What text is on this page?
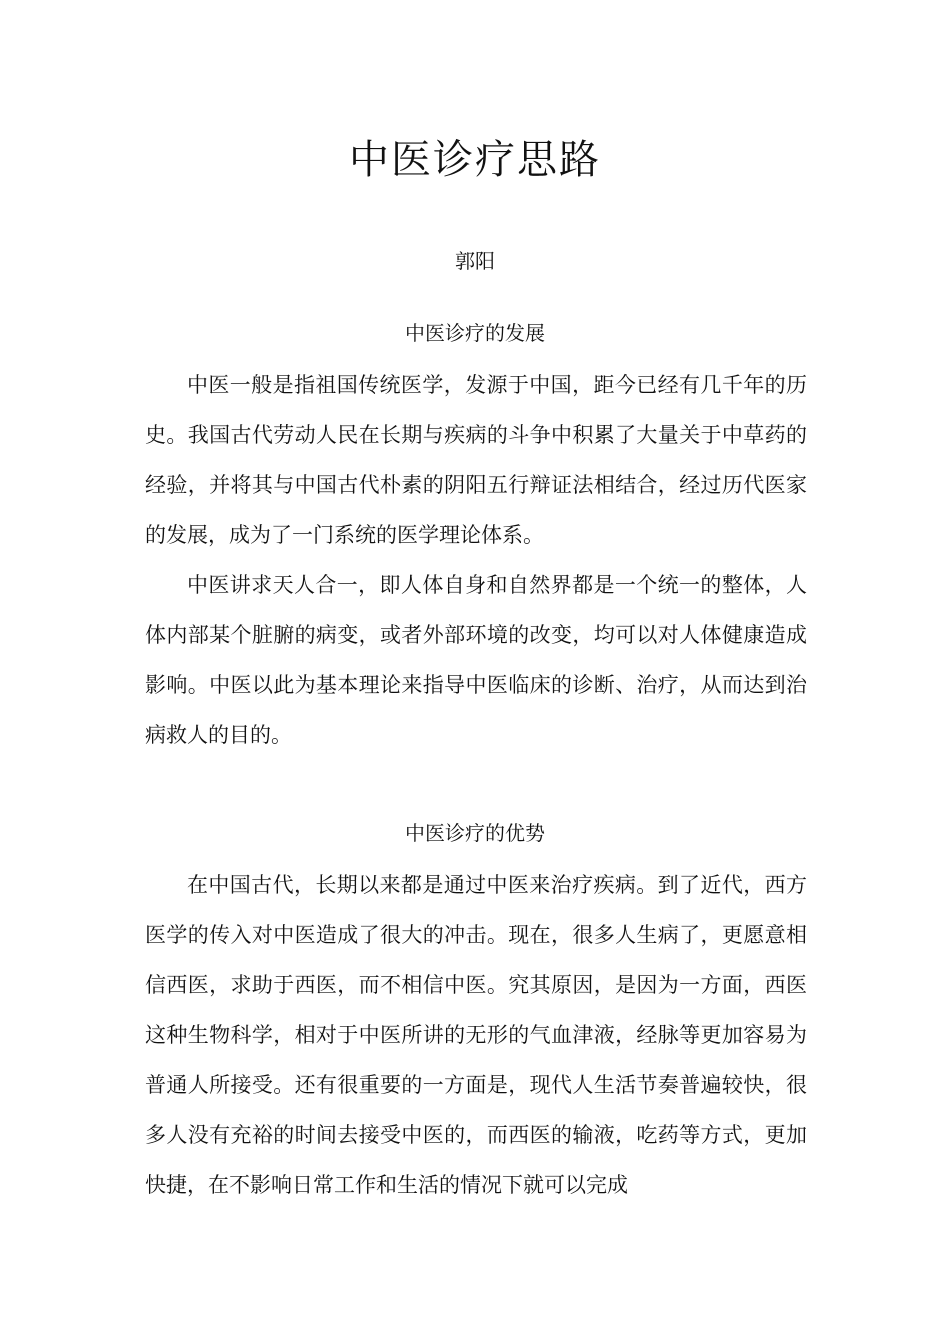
中医诊疗思路
郭阳
中医诊疗的发展

中医一般是指祖国传统医学，发源于中国，距今已经有几千年的历史。我国古代劳动人民在长期与疾病的斗争中积累了大量关于中草药的经验，并将其与中国古代朴素的阴阳五行辩证法相结合，经过历代医家的发展，成为了一门系统的医学理论体系。

中医讲求天人合一，即人体自身和自然界都是一个统一的整体，人体内部某个脏腑的病变，或者外部环境的改变，均可以对人体健康造成影响。中医以此为基本理论来指导中医临床的诊断、治疗，从而达到治病救人的目的。

中医诊疗的优势

在中国古代，长期以来都是通过中医来治疗疾病。到了近代，西方医学的传入对中医造成了很大的冲击。现在，很多人生病了，更愿意相信西医，求助于西医，而不相信中医。究其原因，是因为一方面，西医这种生物科学，相对于中医所讲的无形的气血津液，经脉等更加容易为普通人所接受。还有很重要的一方面是，现代人生活节奏普遍较快，很多人没有充裕的时间去接受中医的，而西医的输液，吃药等方式，更加快捷，在不影响日常工作和生活的情况下就可以完成
